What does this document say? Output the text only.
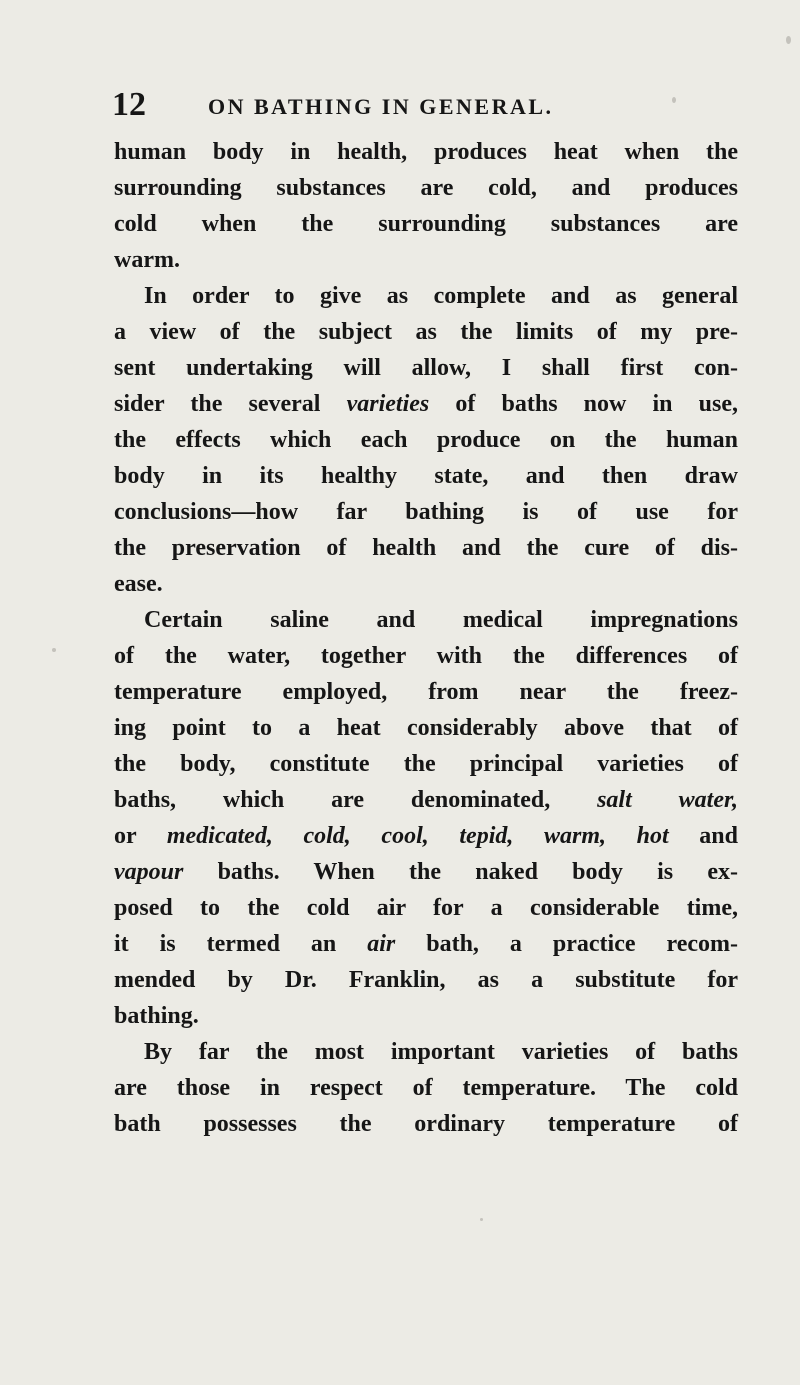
12	ON BATHING IN GENERAL.
human body in health, produces heat when the
surrounding substances are cold, and produces
cold when the surrounding substances are
warm.
In order to give as complete and as general
a view of the subject as the limits of my pre-
sent undertaking will allow, I shall first con-
sider the several varieties of baths now in use,
the effects which each produce on the human
body in its healthy state, and then draw
conclusions—how far bathing is of use for
the preservation of health and the cure of dis-
ease.
Certain saline and medical impregnations
of the water, together with the differences of
temperature employed, from near the freez-
ing point to a heat considerably above that of
the body, constitute the principal varieties of
baths, which are denominated, salt water,
or medicated, cold, cool, tepid, warm, hot and
vapour baths. When the naked body is ex-
posed to the cold air for a considerable time,
it is termed an air bath, a practice recom-
mended by Dr. Franklin, as a substitute for
bathing.
By far the most important varieties of baths
are those in respect of temperature. The cold
bath possesses the ordinary temperature of
